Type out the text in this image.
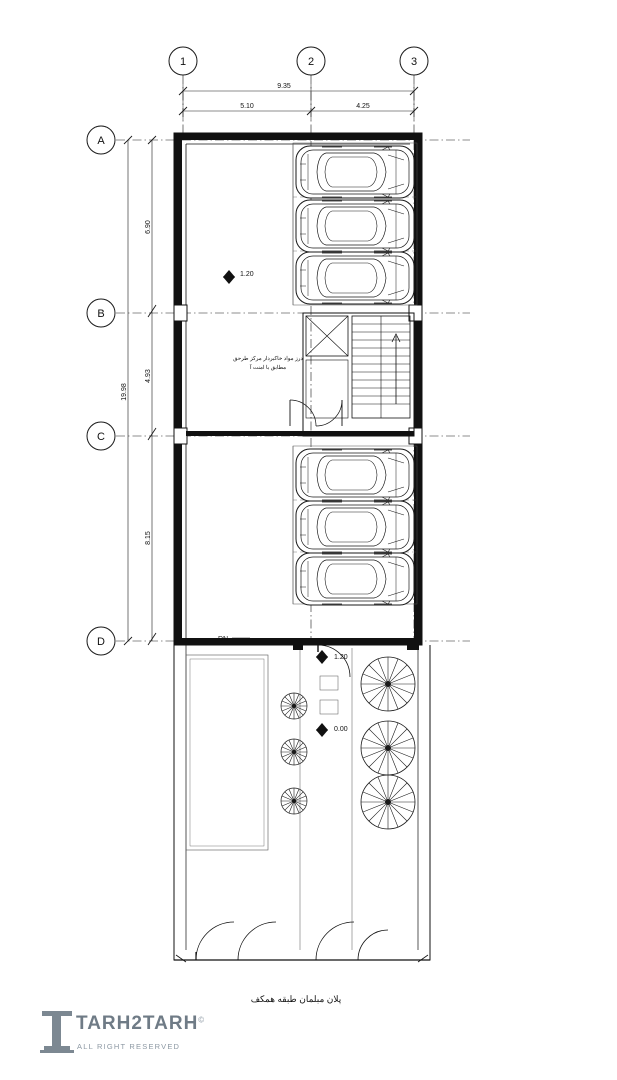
1	2	3
A
B
C
D
9.35
5.10	4.25
19.98
6.90
4.93
8.15
درز مواد خاکبردار مرکز طرحق
مطابق با امنت آ
1.20
DN
1.20
0.00
پلان مبلمان طبقه همکف
TARH2TARH©
ALL RIGHT RESERVED
